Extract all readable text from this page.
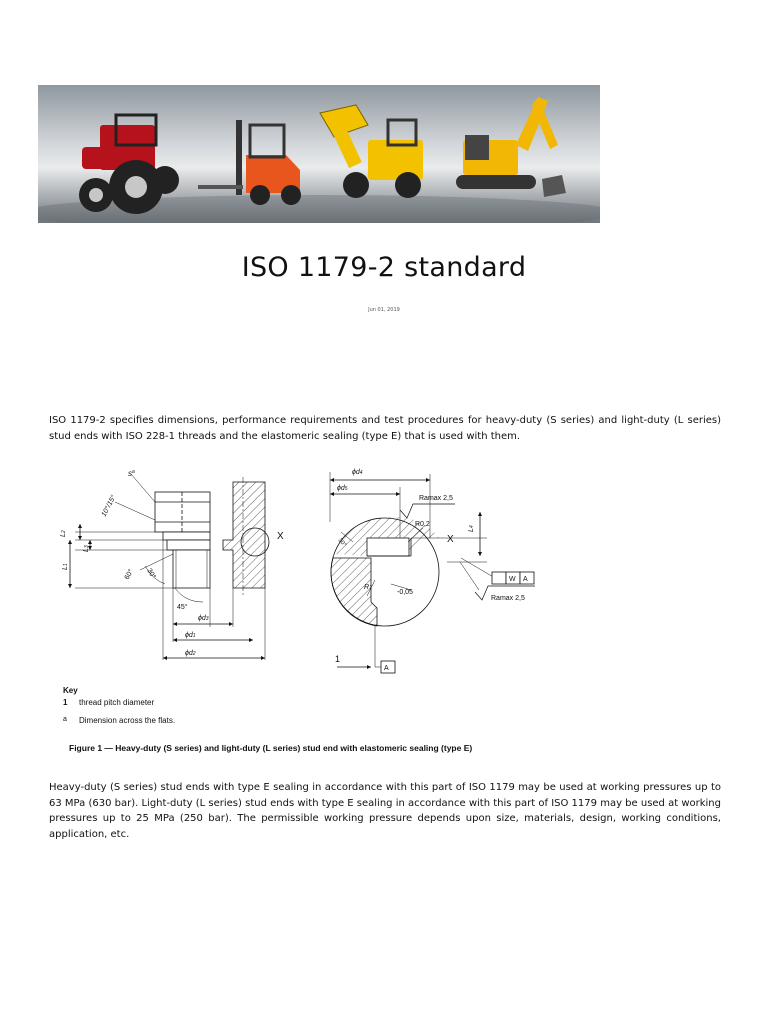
ISO 1179-2 standard
Jun 01, 2019

ISO 1179-2 specifies dimensions, performance requirements and test procedures for heavy-duty (S series) and light-duty (L series) stud ends with ISO 228-1 threads and the elastomeric sealing (type E) that is used with them.

$s^a$
10°/15°
L2
L3
L1
60° 30°
45°
ϕd3
ϕd1
ϕd2
X
ϕd4
ϕd5
Ramax 2,5
R0,2
30°	X
L4
R1
-0,05
W A
Ramax 2,5
1
A
Key
1	thread pitch diameter
a	Dimension across the flats.
Figure 1 — Heavy-duty (S series) and light-duty (L series) stud end with elastomeric sealing (type E)

Heavy-duty (S series) stud ends with type E sealing in accordance with this part of ISO 1179 may be used at working pressures up to 63 MPa (630 bar). Light-duty (L series) stud ends with type E sealing in accordance with this part of ISO 1179 may be used at working pressures up to 25 MPa (250 bar). The permissible working pressure depends upon size, materials, design, working conditions, application, etc.
